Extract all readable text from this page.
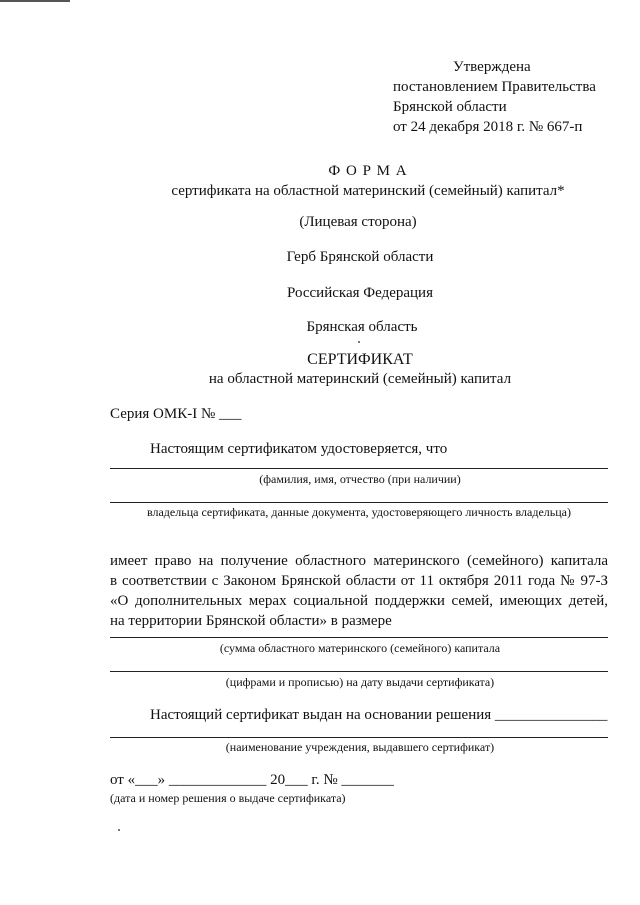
Утверждена
постановлением Правительства
Брянской области
от 24 декабря 2018 г. № 667-п
Ф О Р М А
сертификата на областной материнский (семейный) капитал*
(Лицевая сторона)
Герб Брянской области
Российская Федерация
Брянская область
СЕРТИФИКАТ
на областной материнский (семейный) капитал
Серия ОМК-I № ___
Настоящим сертификатом удостоверяется, что
(фамилия, имя, отчество (при наличии)
владельца сертификата, данные документа, удостоверяющего личность владельца)
имеет право на получение областного материнского (семейного) капитала
в соответствии с Законом Брянской области от 11 октября 2011 года № 97-З
«О дополнительных мерах социальной поддержки семей, имеющих детей,
на территории Брянской области» в размере
(сумма областного материнского (семейного) капитала
(цифрами и прописью) на дату выдачи сертификата)
Настоящий сертификат выдан на основании решения _______________
(наименование учреждения, выдавшего сертификат)
от «___» _____________ 20___ г. № _______
(дата и номер решения о выдаче сертификата)
